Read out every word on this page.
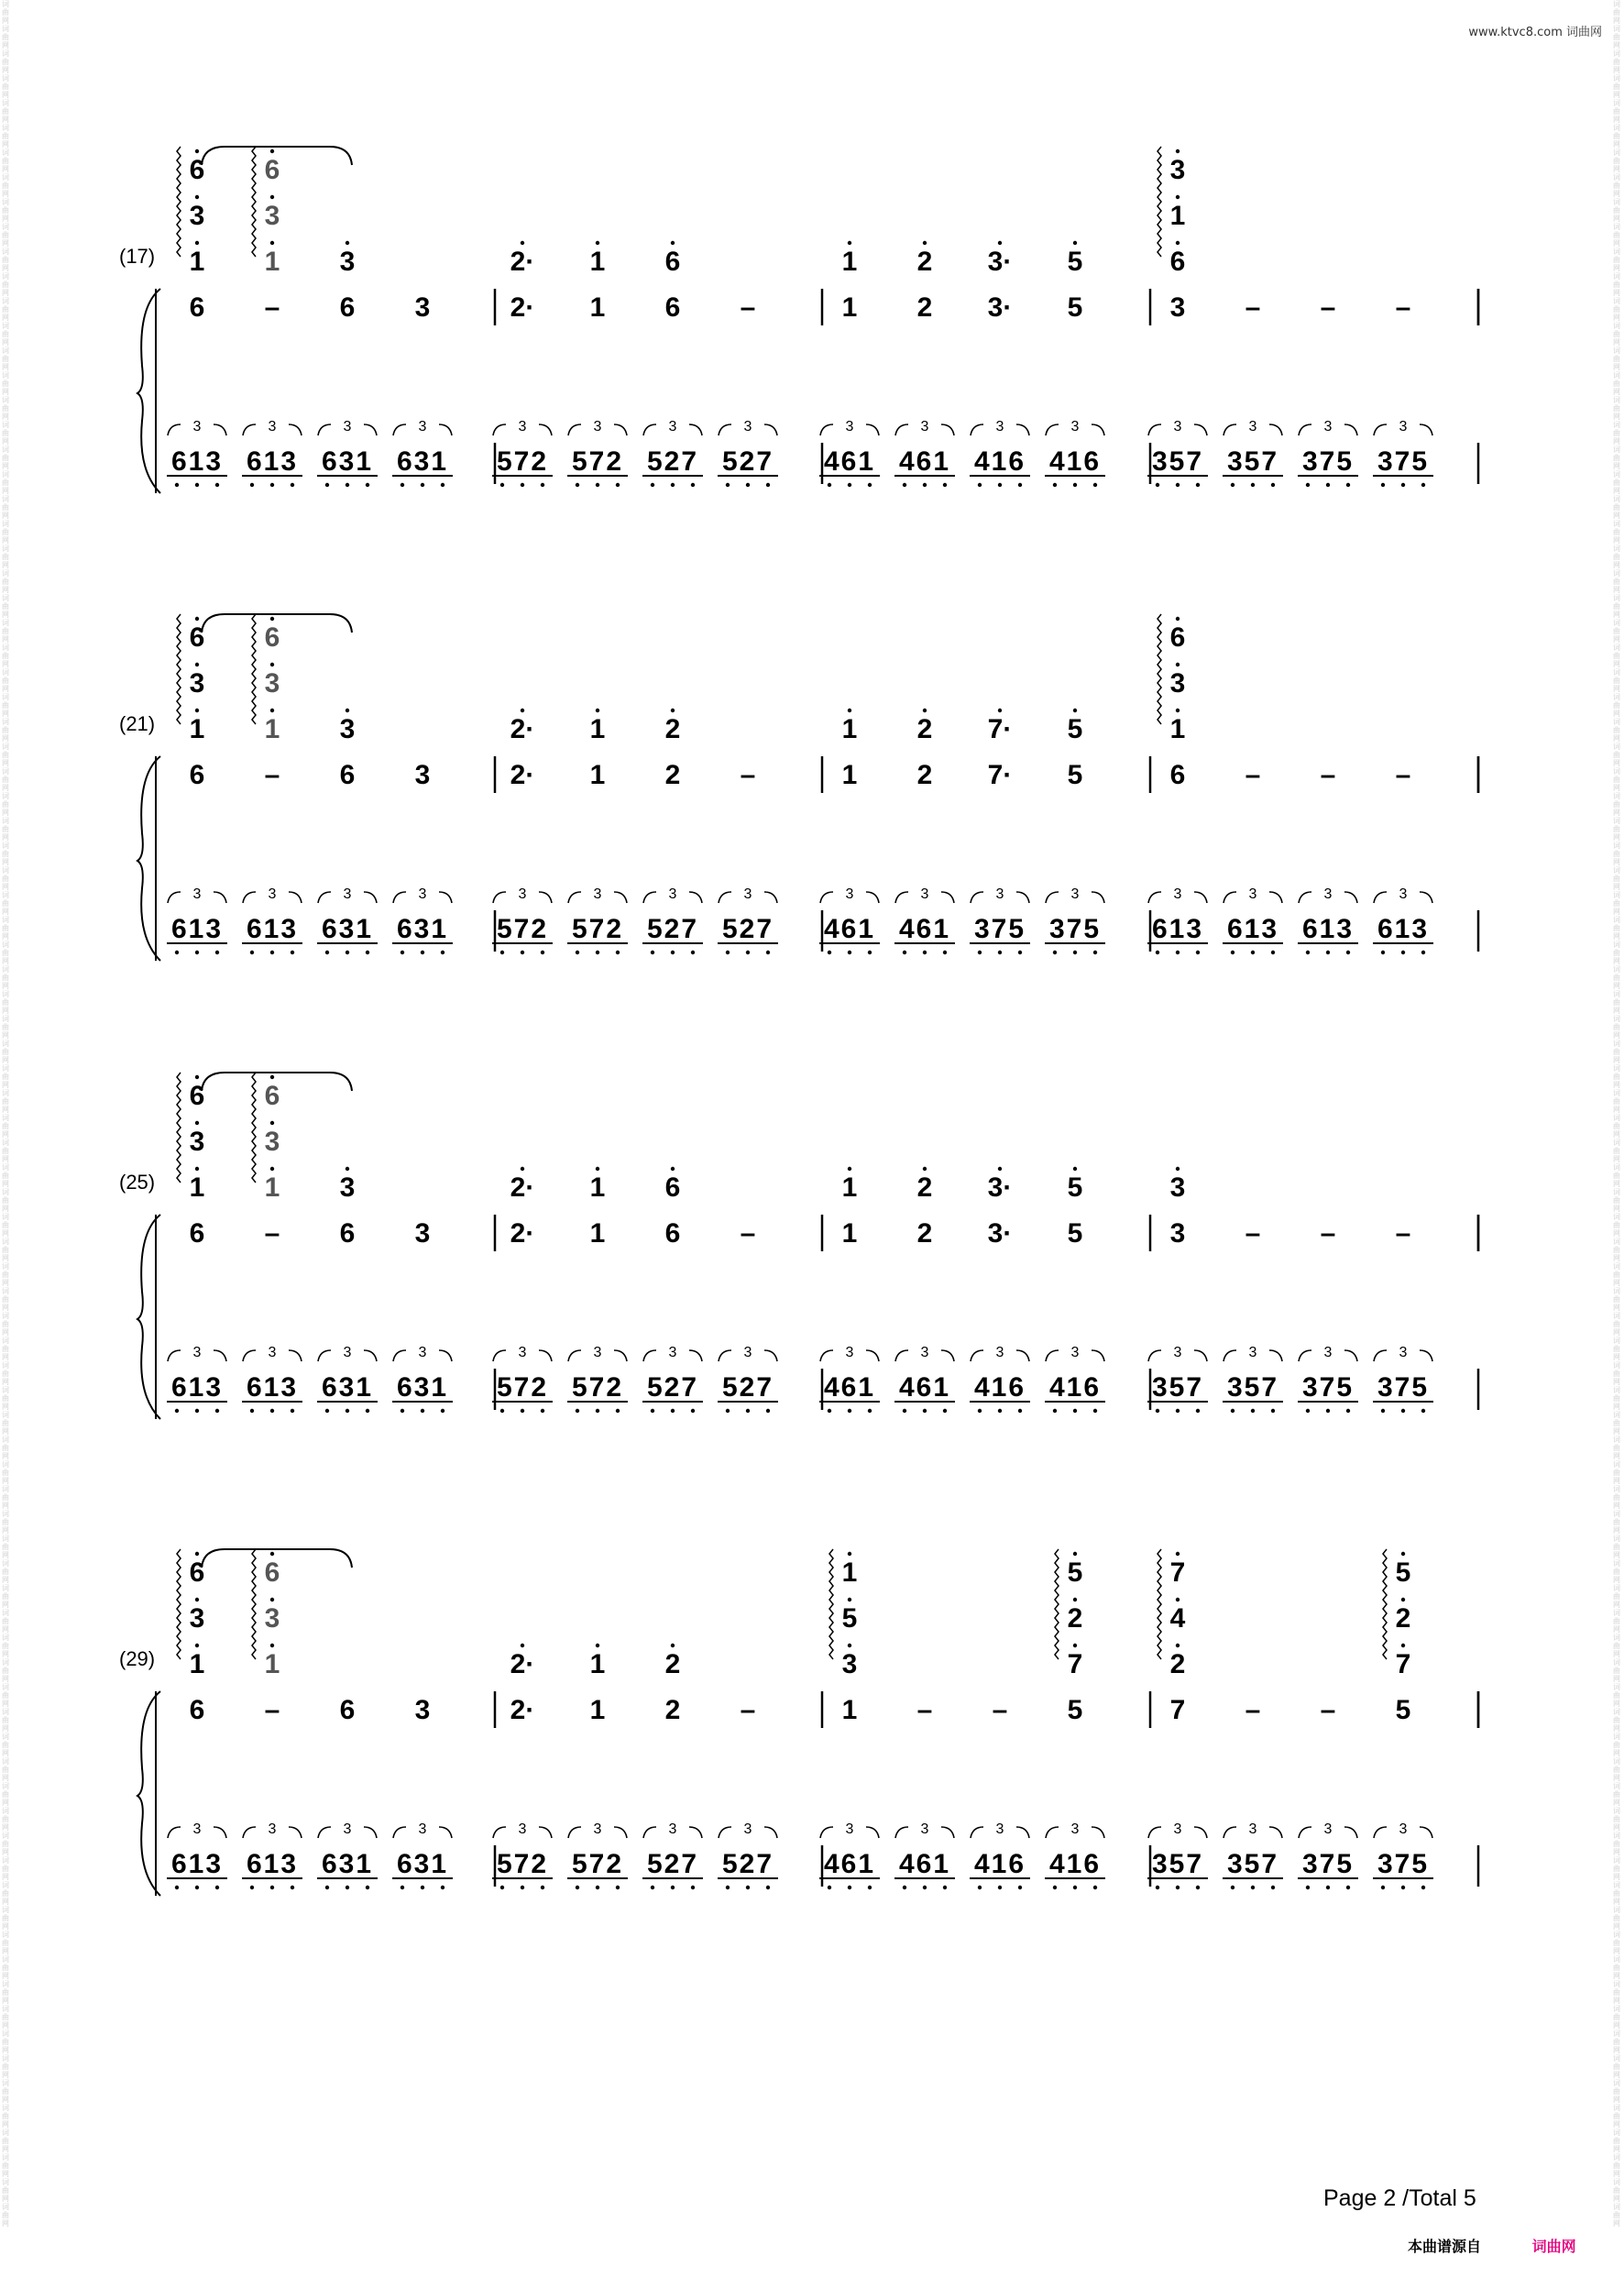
词曲网词曲网词曲网词曲网词曲网词曲网词曲网词曲网词曲网词曲网词曲网词曲网词曲网词曲网词曲网词曲网词曲网词曲网词曲网词曲网词曲网词曲网词曲网词曲网词曲网词曲网词曲网词曲网词曲网词曲网词曲网词曲网词曲网词曲网词曲网词曲网词曲网词曲网词曲网词曲网词曲网词曲网词曲网词曲网词曲网词曲网词曲网词曲网词曲网词曲网词曲网词曲网词曲网词曲网词曲网词曲网词曲网词曲网词曲网词曲网词曲网词曲网词曲网词曲网词曲网词曲网词曲网词曲网词曲网词曲网词曲网词曲网词曲网词曲网词曲网词曲网词曲网词曲网词曲网词曲网词曲网词曲网词曲网词曲网词曲网词曲网词曲网词曲网词曲网词曲网
词曲网词曲网词曲网词曲网词曲网词曲网词曲网词曲网词曲网词曲网词曲网词曲网词曲网词曲网词曲网词曲网词曲网词曲网词曲网词曲网词曲网词曲网词曲网词曲网词曲网词曲网词曲网词曲网词曲网词曲网词曲网词曲网词曲网词曲网词曲网词曲网词曲网词曲网词曲网词曲网词曲网词曲网词曲网词曲网词曲网词曲网词曲网词曲网词曲网词曲网词曲网词曲网词曲网词曲网词曲网词曲网词曲网词曲网词曲网词曲网词曲网词曲网词曲网词曲网词曲网词曲网词曲网词曲网词曲网词曲网词曲网词曲网词曲网词曲网词曲网词曲网词曲网词曲网词曲网词曲网词曲网词曲网词曲网词曲网词曲网词曲网词曲网词曲网词曲网词曲网
www.ktvc8.com 词曲网
(17)
6
3
1
6
3
1 3
6 – 6 3
3
613
3
613
3
631
3
631
2· 1 6
2· 1 6 –
3
572
3
572
3
527
3
527
1 2 3· 5
1 2 3· 5
3
461
3
461
3
416
3
416
3
1
6
3 – – –
3
357
3
357
3
375
3
375
(21)
6
3
1
6
3
1 3
6 – 6 3
3
613
3
613
3
631
3
631
2· 1 2
2· 1 2 –
3
572
3
572
3
527
3
527
1 2 7· 5
1 2 7· 5
3
461
3
461
3
375
3
375
6
3
1
6 – – –
3
613
3
613
3
613
3
613
(25)
6
3
1
6
3
1 3
6 – 6 3
3
613
3
613
3
631
3
631
2· 1 6
2· 1 6 –
3
572
3
572
3
527
3
527
1 2 3· 5
1 2 3· 5
3
461
3
461
3
416
3
416
3
3 – – –
3
357
3
357
3
375
3
375
(29)
6
3
1
6
3
1
6 – 6 3
3
613
3
613
3
631
3
631
2· 1 2
2· 1 2 –
3
572
3
572
3
527
3
527
1
5
3
5
2
7
1 – – 5
3
461
3
461
3
416
3
416
7
4
2
5
2
7
7 – – 5
3
357
3
357
3
375
3
375
Page 2 /Total 5
本曲谱源自	词曲网
